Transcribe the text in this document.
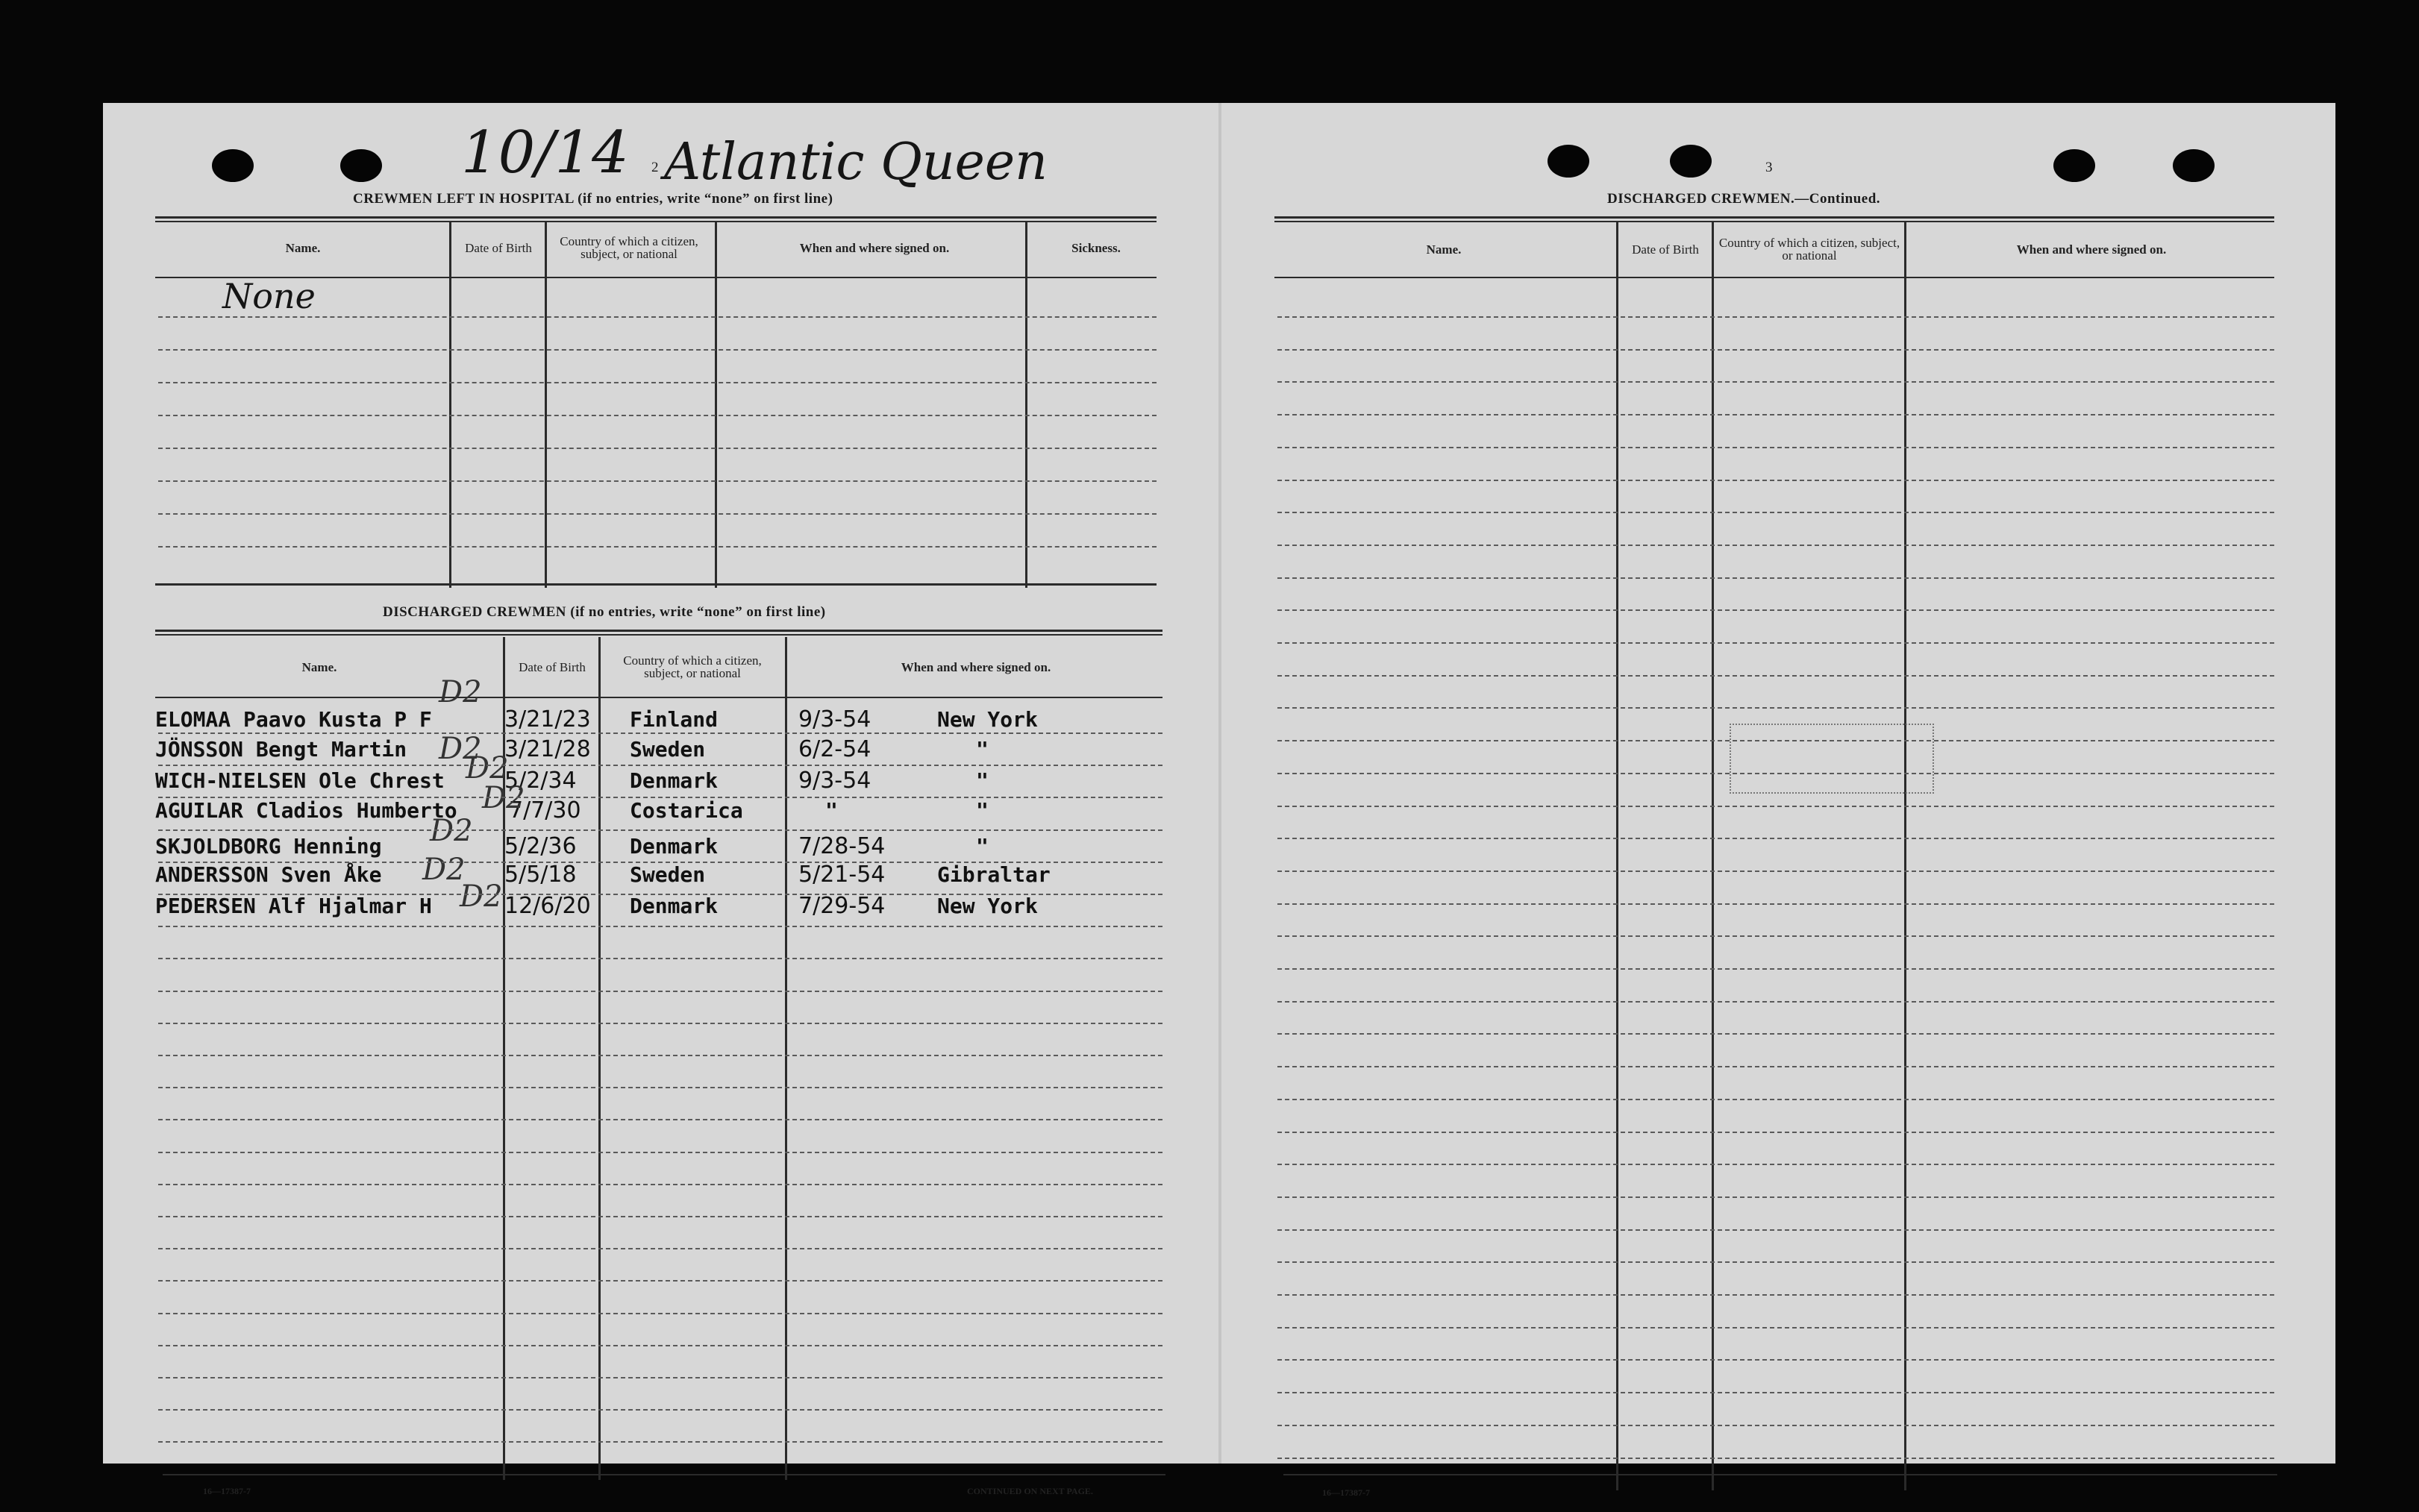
10/14 Atlantic Queen
2
CREWMEN LEFT IN HOSPITAL (if no entries, write “none” on first line)
Name.	Date of Birth	Country of which a citizen, subject, or national	When and where signed on.	Sickness.
None
DISCHARGED CREWMEN (if no entries, write “none” on first line)
Name.	Date of Birth	Country of which a citizen, subject, or national	When and where signed on.
ELOMAA Paavo Kusta P F	3/21/23 Finland	9/3-54	New York
D2
JÖNSSON Bengt Martin	3/21/28 Sweden	6/2-54	"
D2
WICH-NIELSEN Ole Chrest	5/2/34	Denmark	9/3-54	"
D2
AGUILAR Cladios Humberto 7/7/30 Costarica	"	"
D2
SKJOLDBORG Henning	5/2/36	Denmark	7/28-54	"
D2
ANDERSSON Sven Åke	5/5/18	Sweden	5/21-54 Gibraltar
D2
PEDERSEN Alf Hjalmar H	12/6/20 Denmark	7/29-54 New York
D2
16—17387-7	CONTINUED ON NEXT PAGE.
3
DISCHARGED CREWMEN.—Continued.
Name.	Date of Birth	Country of which a citizen, subject, or national	When and where signed on.
16—17387-7
